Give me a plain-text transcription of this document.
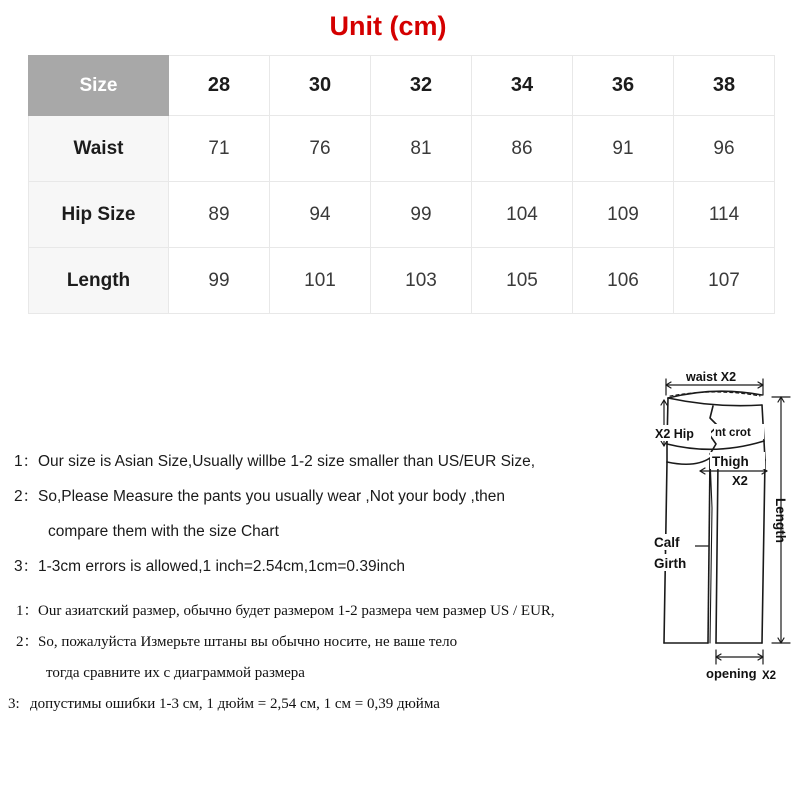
Unit (cm)
Size	28	30	32	34	36	38
Waist	71	76	81	86	91	96
Hip Size	89	94	99	104	109	114
Length	99	101	103	105	106	107
1：Our size is Asian Size,Usually willbe 1-2 size smaller than US/EUR Size,
2：So,Please Measure the pants you usually wear ,Not your body ,then
compare them with the size Chart
3：1-3cm errors is allowed,1 inch=2.54cm,1cm=0.39inch
1：Our азиатский размер, обычно будет размером 1-2 размера чем размер US / EUR,
2：So, пожалуйста Измерьте штаны вы обычно носите, не ваше тело
тогда сравните их с диаграммой размера
3: допустимы ошибки 1-3 см, 1 дюйм = 2,54 см, 1 см = 0,39 дюйма
waist X2
X2 Hip nt crot
Thigh
X2
Calf
Girth
Length
opening X2
